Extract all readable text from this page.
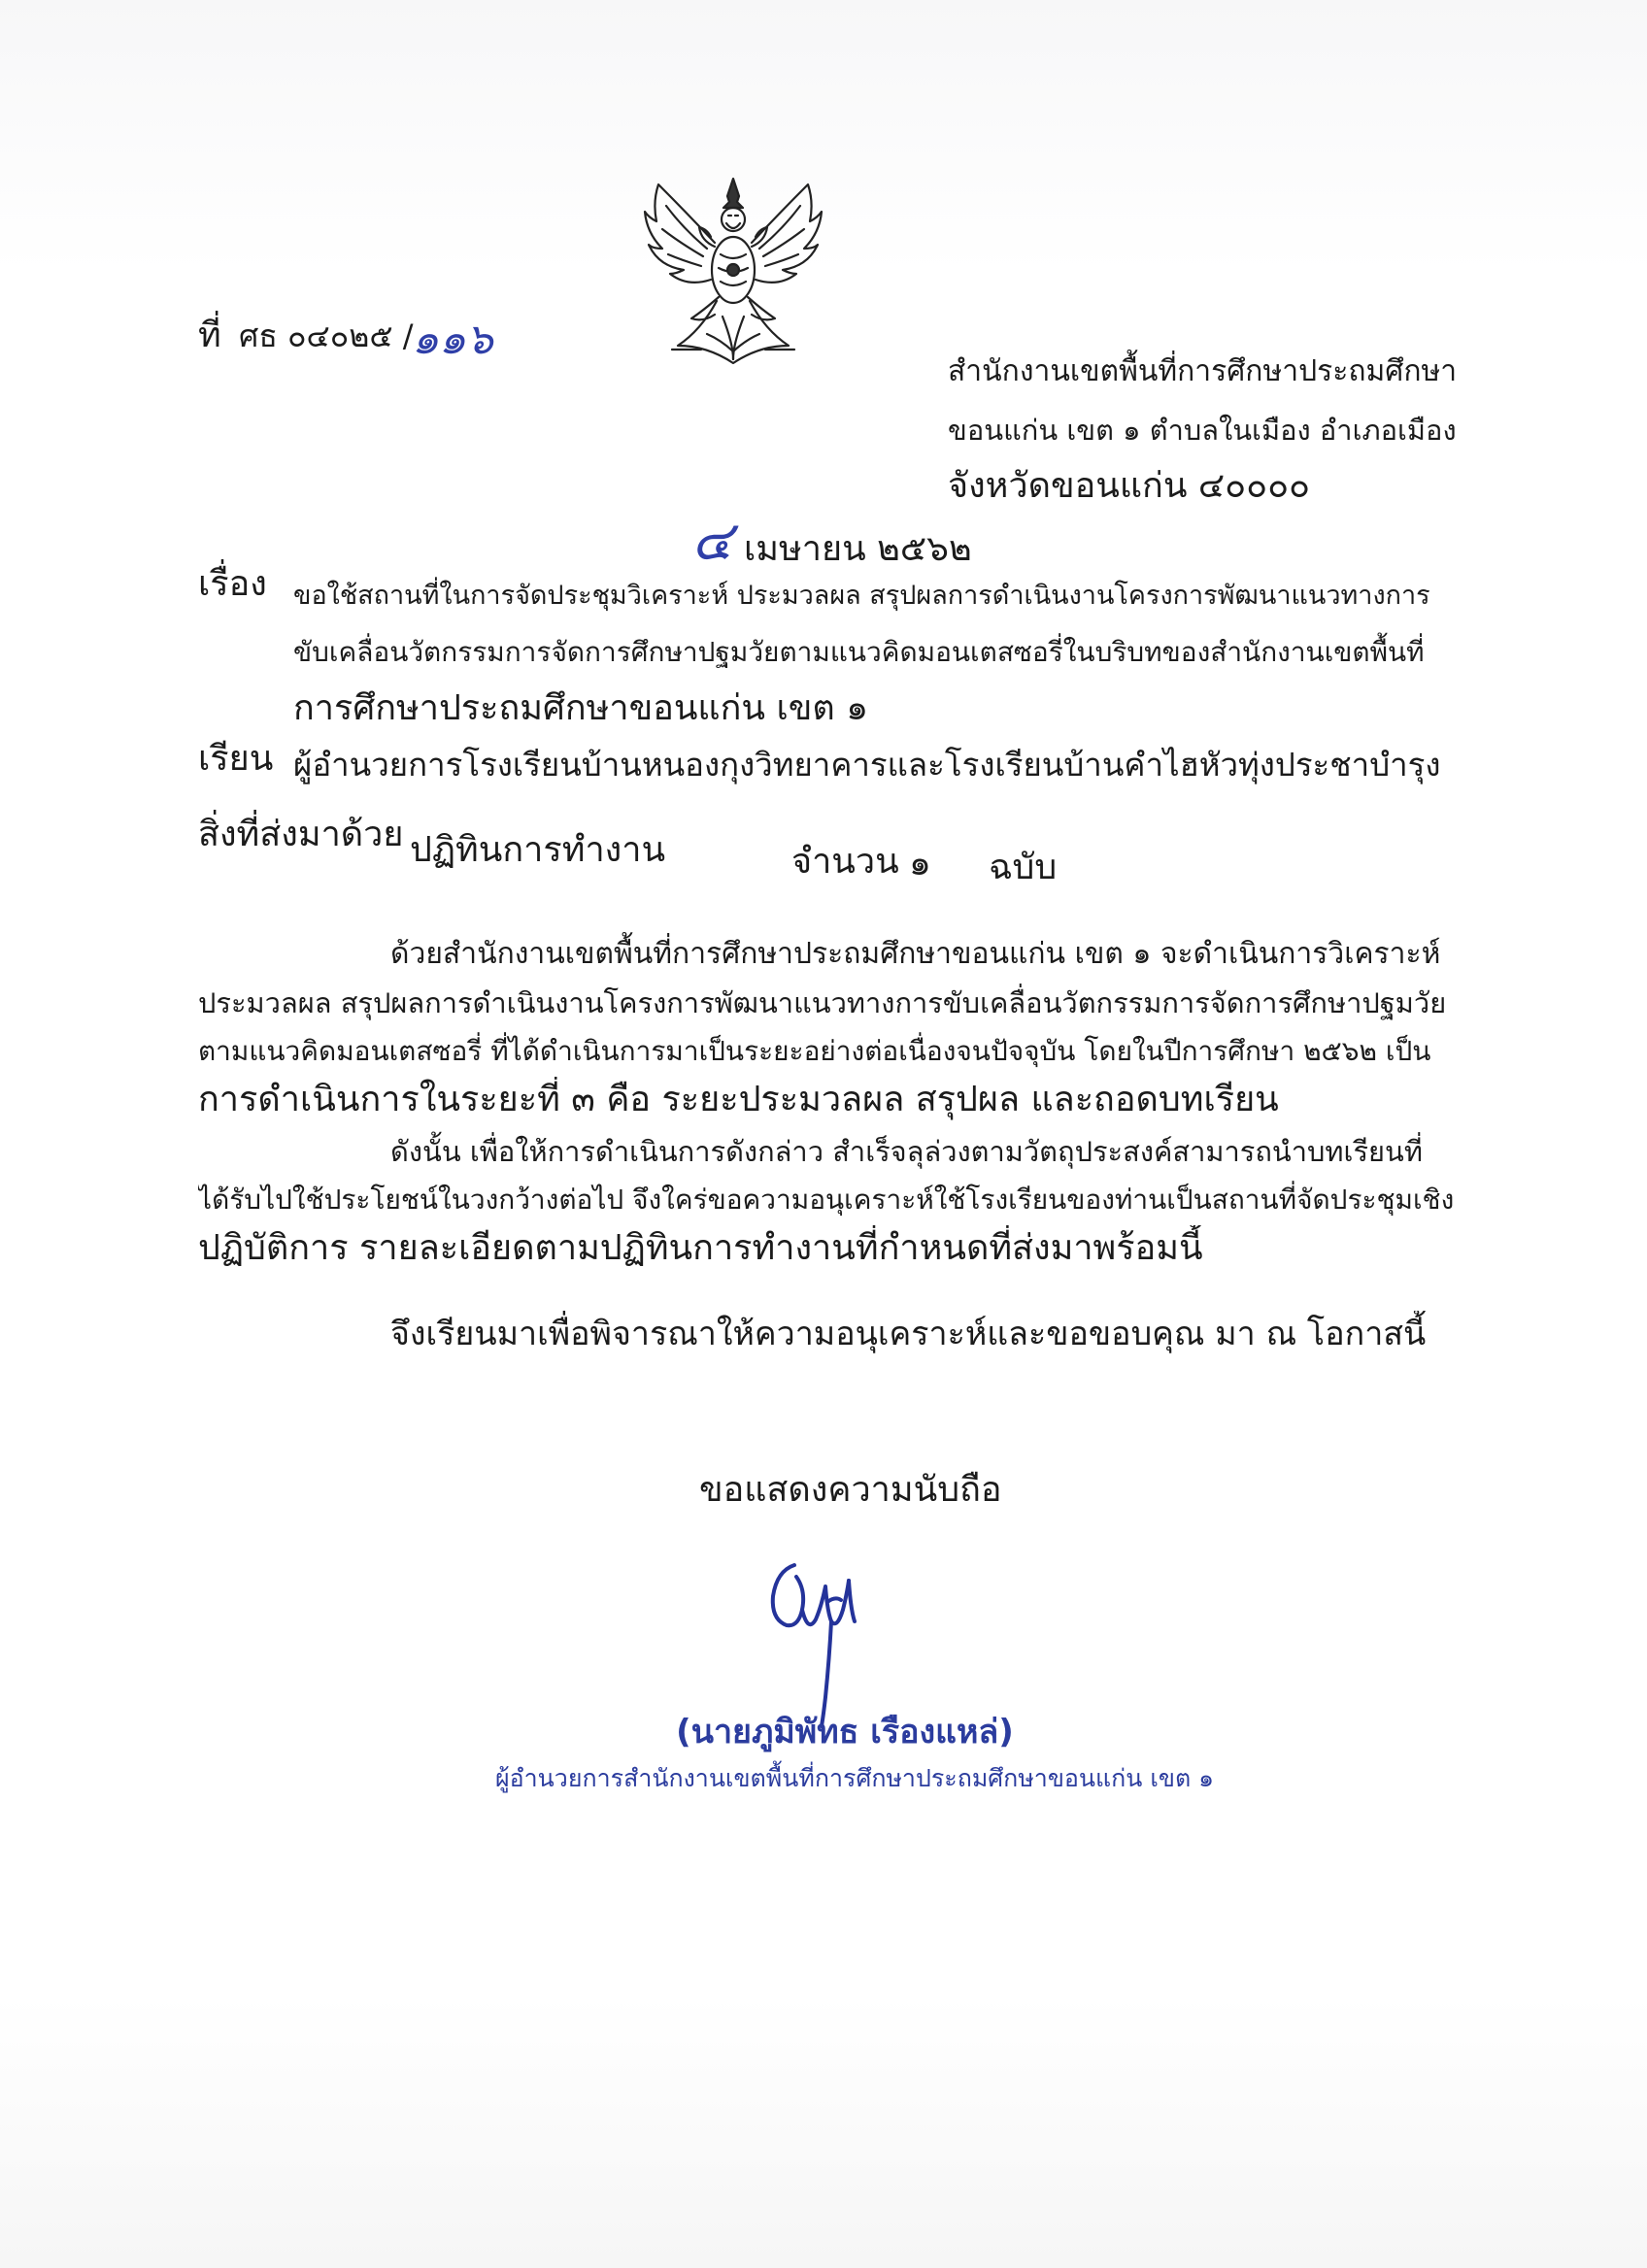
ที่ ศธ ๐๔๐๒๕ /
๑๑๖
สำนักงานเขตพื้นที่การศึกษาประถมศึกษา
ขอนแก่น เขต ๑ ตำบลในเมือง อำเภอเมือง
จังหวัดขอนแก่น ๔๐๐๐๐
๔ เมษายน ๒๕๖๒
เรื่อง ขอใช้สถานที่ในการจัดประชุมวิเคราะห์ ประมวลผล สรุปผลการดำเนินงานโครงการพัฒนาแนวทางการ
ขับเคลื่อนวัตกรรมการจัดการศึกษาปฐมวัยตามแนวคิดมอนเตสซอรี่ในบริบทของสำนักงานเขตพื้นที่
การศึกษาประถมศึกษาขอนแก่น เขต ๑
เรียน ผู้อำนวยการโรงเรียนบ้านหนองกุงวิทยาคารและโรงเรียนบ้านคำไฮหัวทุ่งประชาบำรุง
สิ่งที่ส่งมาด้วย ปฏิทินการทำงาน	จำนวน ๑ ฉบับ
ด้วยสำนักงานเขตพื้นที่การศึกษาประถมศึกษาขอนแก่น เขต ๑ จะดำเนินการวิเคราะห์
ประมวลผล สรุปผลการดำเนินงานโครงการพัฒนาแนวทางการขับเคลื่อนวัตกรรมการจัดการศึกษาปฐมวัย
ตามแนวคิดมอนเตสซอรี่ ที่ได้ดำเนินการมาเป็นระยะอย่างต่อเนื่องจนปัจจุบัน โดยในปีการศึกษา ๒๕๖๒ เป็น
การดำเนินการในระยะที่ ๓ คือ ระยะประมวลผล สรุปผล และถอดบทเรียน
ดังนั้น เพื่อให้การดำเนินการดังกล่าว สำเร็จลุล่วงตามวัตถุประสงค์สามารถนำบทเรียนที่
ได้รับไปใช้ประโยชน์ในวงกว้างต่อไป จึงใคร่ขอความอนุเคราะห์ใช้โรงเรียนของท่านเป็นสถานที่จัดประชุมเชิง
ปฏิบัติการ รายละเอียดตามปฏิทินการทำงานที่กำหนดที่ส่งมาพร้อมนี้
จึงเรียนมาเพื่อพิจารณาให้ความอนุเคราะห์และขอขอบคุณ มา ณ โอกาสนี้
ขอแสดงความนับถือ
(นายภูมิพัทธ เรืองแหล่)
ผู้อำนวยการสำนักงานเขตพื้นที่การศึกษาประถมศึกษาขอนแก่น เขต ๑
